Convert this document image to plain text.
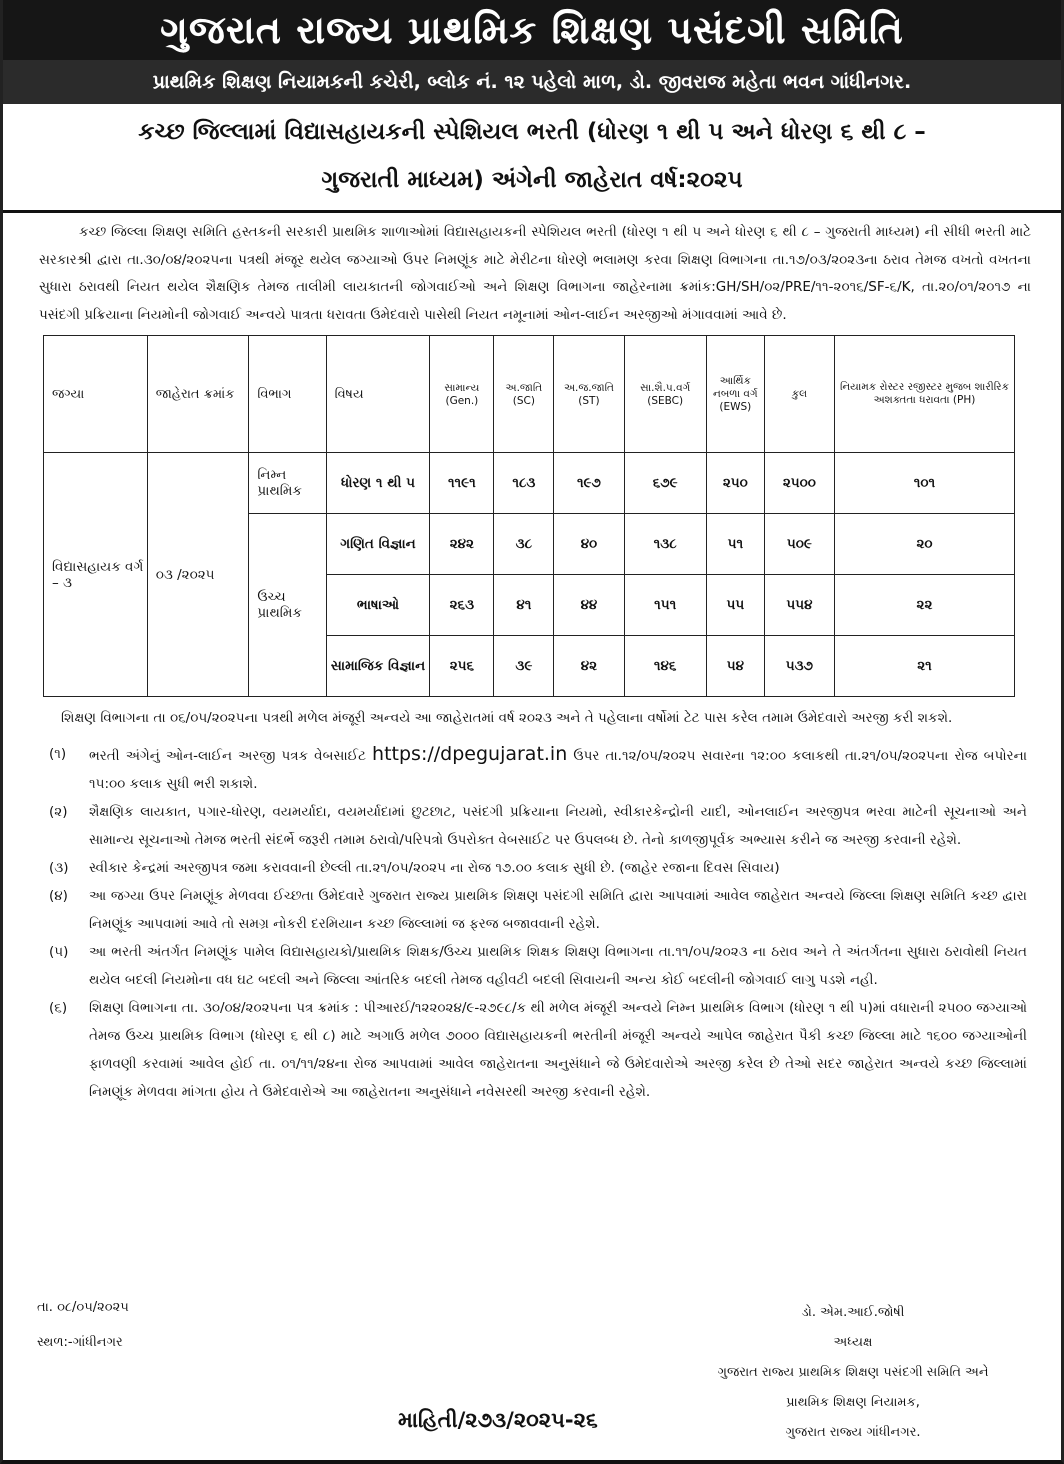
ગુજરાત રાજ્ય પ્રાથમિક શિક્ષણ પસંદગી સમિતિ
પ્રાથમિક શિક્ષણ નિયામકની કચેરી, બ્લોક નં. ૧૨ પહેલો માળ, ડો. જીવરાજ મહેતા ભવન ગાંધીનગર.
કચ્છ જિલ્લામાં વિદ્યાસહાયકની સ્પેશિયલ ભરતી (ધોરણ ૧ થી ૫ અને ધોરણ ૬ થી ૮ –
ગુજરાતી માધ્યમ) અંગેની જાહેરાત વર્ષ:૨૦૨૫
કચ્છ જિલ્લા શિક્ષણ સમિતિ હસ્તકની સરકારી પ્રાથમિક શાળાઓમાં વિદ્યાસહાયકની સ્પેશિયલ ભરતી (ધોરણ ૧ થી ૫ અને ધોરણ ૬ થી ૮ – ગુજરાતી માધ્યમ) ની સીધી ભરતી માટે સરકારશ્રી દ્વારા તા.૩૦/૦૪/૨૦૨૫ના પત્રથી મંજૂર થયેલ જગ્યાઓ ઉપર નિમણૂંક માટે મેરીટના ધોરણે ભલામણ કરવા શિક્ષણ વિભાગના તા.૧૭/૦૩/૨૦૨૩ના ઠરાવ તેમજ વખતો વખતના સુધારા ઠરાવથી નિયત થયેલ શૈક્ષણિક તેમજ તાલીમી લાયકાતની જોગવાઈઓ અને શિક્ષણ વિભાગના જાહેરનામા ક્રમાંક:GH/SH/૦૨/PRE/૧૧-૨૦૧૬/SF-૬/K, તા.૨૦/૦૧/૨૦૧૭ ના પસંદગી પ્રક્રિયાના નિયમોની જોગવાઈ અન્વયે પાત્રતા ધરાવતા ઉમેદવારો પાસેથી નિયત નમૂનામાં ઓન-લાઈન અરજીઓ મંગાવવામાં આવે છે.
જગ્યા	જાહેરાત ક્રમાંક	વિભાગ	વિષય	સામાન્ય (Gen.)	અ.જાતિ (SC)	અ.જ.જાતિ (ST)	સા.શૈ.પ.વર્ગ (SEBC)	આર્થિક નબળા વર્ગ (EWS)	કુલ	નિયામક રોસ્ટર રજીસ્ટર મુજબ શારીરિક અશક્તતા ધરાવતા (PH)
વિદ્યાસહાયક વર્ગ – ૩	૦૩ /૨૦૨૫	નિમ્ન પ્રાથમિક	ધોરણ ૧ થી ૫	૧૧૯૧	૧૮૩	૧૯૭	૬૭૯	૨૫૦	૨૫૦૦	૧૦૧
		ઉચ્ચ પ્રાથમિક	ગણિત વિજ્ઞાન	૨૪૨	૩૮	૪૦	૧૩૮	૫૧	૫૦૯	૨૦
			ભાષાઓ	૨૬૩	૪૧	૪૪	૧૫૧	૫૫	૫૫૪	૨૨
			સામાજિક વિજ્ઞાન	૨૫૬	૩૯	૪૨	૧૪૬	૫૪	૫૩૭	૨૧
શિક્ષણ વિભાગના તા ૦૬/૦૫/૨૦૨૫ના પત્રથી મળેલ મંજૂરી અન્વયે આ જાહેરાતમાં વર્ષ ૨૦૨૩ અને તે પહેલાના વર્ષોમાં ટેટ પાસ કરેલ તમામ ઉમેદવારો અરજી કરી શકશે.
(૧) ભરતી અંગેનું ઓન-લાઈન અરજી પત્રક વેબસાઈટ https://dpegujarat.in ઉપર તા.૧૨/૦૫/૨૦૨૫ સવારના ૧૨:૦૦ કલાકથી તા.૨૧/૦૫/૨૦૨૫ના રોજ બપોરના ૧૫:૦૦ કલાક સુધી ભરી શકાશે.
(૨) શૈક્ષણિક લાયકાત, પગાર-ધોરણ, વયમર્યાદા, વયમર્યાદામાં છુટછાટ, પસંદગી પ્રક્રિયાના નિયમો, સ્વીકારકેન્દ્રોની યાદી, ઓનલાઈન અરજીપત્ર ભરવા માટેની સૂચનાઓ અને સામાન્ય સૂચનાઓ તેમજ ભરતી સંદર્ભે જરૂરી તમામ ઠરાવો/પરિપત્રો ઉપરોક્ત વેબસાઈટ પર ઉપલબ્ધ છે. તેનો કાળજીપૂર્વક અભ્યાસ કરીને જ અરજી કરવાની રહેશે.
(૩) સ્વીકાર કેન્દ્રમાં અરજીપત્ર જમા કરાવવાની છેલ્લી તા.૨૧/૦૫/૨૦૨૫ ના રોજ ૧૭.૦૦ કલાક સુધી છે. (જાહેર રજાના દિવસ સિવાય)
(૪) આ જગ્યા ઉપર નિમણૂંક મેળવવા ઈચ્છતા ઉમેદવારે ગુજરાત રાજ્ય પ્રાથમિક શિક્ષણ પસંદગી સમિતિ દ્વારા આપવામાં આવેલ જાહેરાત અન્વયે જિલ્લા શિક્ષણ સમિતિ કચ્છ દ્વારા નિમણૂંક આપવામાં આવે તો સમગ્ર નોકરી દરમિયાન કચ્છ જિલ્લામાં જ ફરજ બજાવવાની રહેશે.
(૫) આ ભરતી અંતર્ગત નિમણૂંક પામેલ વિદ્યાસહાયકો/પ્રાથમિક શિક્ષક/ઉચ્ચ પ્રાથમિક શિક્ષક શિક્ષણ વિભાગના તા.૧૧/૦૫/૨૦૨૩ ના ઠરાવ અને તે અંતર્ગતના સુધારા ઠરાવોથી નિયત થયેલ બદલી નિયમોના વધ ઘટ બદલી અને જિલ્લા આંતરિક બદલી તેમજ વહીવટી બદલી સિવાયની અન્ય કોઈ બદલીની જોગવાઈ લાગુ પડશે નહી.
(૬) શિક્ષણ વિભાગના તા. ૩૦/૦૪/૨૦૨૫ના પત્ર ક્રમાંક : પીઆરઈ/૧૨૨૦૨૪/૯-૨૭૯૮/ક થી મળેલ મંજૂરી અન્વયે નિમ્ન પ્રાથમિક વિભાગ (ધોરણ ૧ થી ૫)માં વધારાની ૨૫૦૦ જગ્યાઓ તેમજ ઉચ્ચ પ્રાથમિક વિભાગ (ધોરણ ૬ થી ૮) માટે અગાઉ મળેલ ૭૦૦૦ વિદ્યાસહાયકની ભરતીની મંજૂરી અન્વયે આપેલ જાહેરાત પૈકી કચ્છ જિલ્લા માટે ૧૬૦૦ જગ્યાઓની ફાળવણી કરવામાં આવેલ હોઈ તા. ૦૧/૧૧/૨૪ના રોજ આપવામાં આવેલ જાહેરાતના અનુસંધાને જે ઉમેદવારોએ અરજી કરેલ છે તેઓ સદર જાહેરાત અન્વયે કચ્છ જિલ્લામાં નિમણૂંક મેળવવા માંગતા હોય તે ઉમેદવારોએ આ જાહેરાતના અનુસંધાને નવેસરથી અરજી કરવાની રહેશે.
તા. ૦૮/૦૫/૨૦૨૫
સ્થળ:-ગાંધીનગર
ડો. એમ.આઈ.જોષી
અધ્યક્ષ
ગુજરાત રાજ્ય પ્રાથમિક શિક્ષણ પસંદગી સમિતિ અને
પ્રાથમિક શિક્ષણ નિયામક,
ગુજરાત રાજ્ય ગાંધીનગર.
માહિતી/૨૭૩/૨૦૨૫-૨૬
